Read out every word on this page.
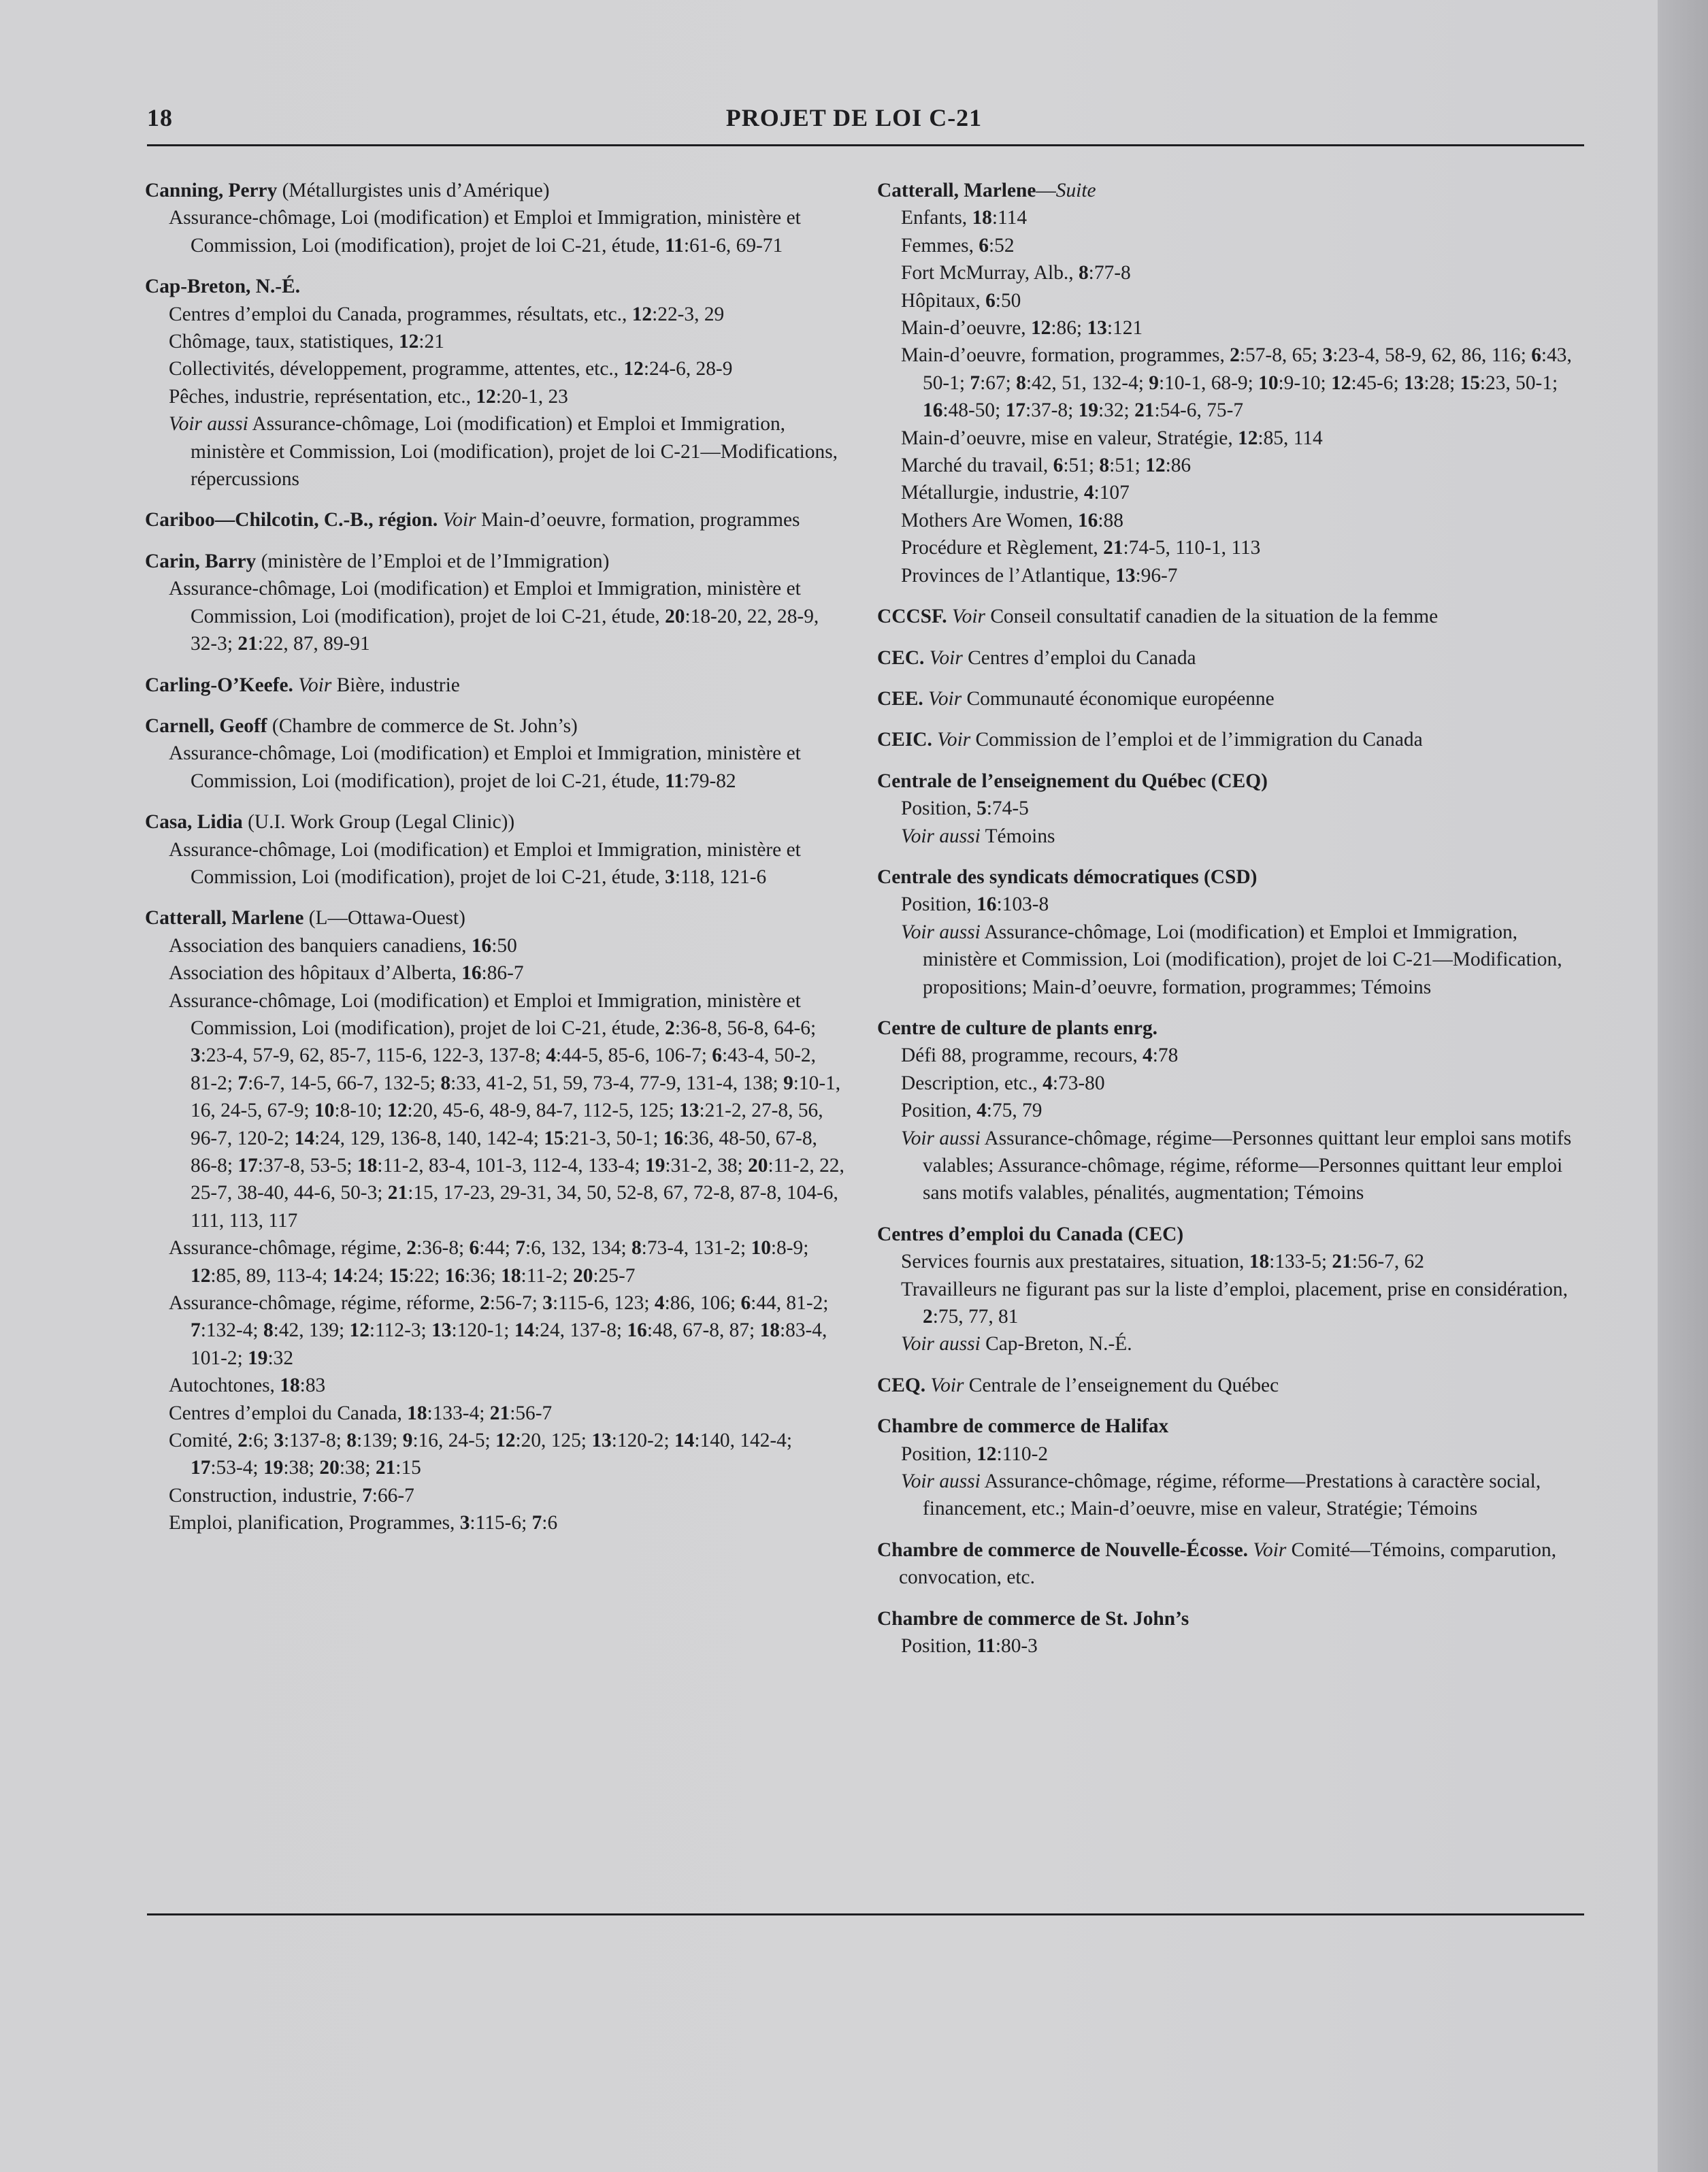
18	PROJET DE LOI C-21
Canning, Perry (Métallurgistes unis d’Amérique)
Assurance-chômage, Loi (modification) et Emploi et Immigration, ministère et Commission, Loi (modification), projet de loi C-21, étude, 11:61-6, 69-71
Cap-Breton, N.-É.
Centres d’emploi du Canada, programmes, résultats, etc., 12:22-3, 29
Chômage, taux, statistiques, 12:21
Collectivités, développement, programme, attentes, etc., 12:24-6, 28-9
Pêches, industrie, représentation, etc., 12:20-1, 23
Voir aussi Assurance-chômage, Loi (modification) et Emploi et Immigration, ministère et Commission, Loi (modification), projet de loi C-21—Modifications, répercussions
Cariboo—Chilcotin, C.-B., région. Voir Main-d’oeuvre, formation, programmes
Carin, Barry (ministère de l’Emploi et de l’Immigration)
Assurance-chômage, Loi (modification) et Emploi et Immigration, ministère et Commission, Loi (modification), projet de loi C-21, étude, 20:18-20, 22, 28-9, 32-3; 21:22, 87, 89-91
Carling-O’Keefe. Voir Bière, industrie
Carnell, Geoff (Chambre de commerce de St. John’s)
Assurance-chômage, Loi (modification) et Emploi et Immigration, ministère et Commission, Loi (modification), projet de loi C-21, étude, 11:79-82
Casa, Lidia (U.I. Work Group (Legal Clinic))
Assurance-chômage, Loi (modification) et Emploi et Immigration, ministère et Commission, Loi (modification), projet de loi C-21, étude, 3:118, 121-6
Catterall, Marlene (L—Ottawa-Ouest)
Association des banquiers canadiens, 16:50
Association des hôpitaux d’Alberta, 16:86-7
Assurance-chômage, Loi (modification) et Emploi et Immigration, ministère et Commission, Loi (modification), projet de loi C-21, étude, 2:36-8, 56-8, 64-6; 3:23-4, 57-9, 62, 85-7, 115-6, 122-3, 137-8; 4:44-5, 85-6, 106-7; 6:43-4, 50-2, 81-2; 7:6-7, 14-5, 66-7, 132-5; 8:33, 41-2, 51, 59, 73-4, 77-9, 131-4, 138; 9:10-1, 16, 24-5, 67-9; 10:8-10; 12:20, 45-6, 48-9, 84-7, 112-5, 125; 13:21-2, 27-8, 56, 96-7, 120-2; 14:24, 129, 136-8, 140, 142-4; 15:21-3, 50-1; 16:36, 48-50, 67-8, 86-8; 17:37-8, 53-5; 18:11-2, 83-4, 101-3, 112-4, 133-4; 19:31-2, 38; 20:11-2, 22, 25-7, 38-40, 44-6, 50-3; 21:15, 17-23, 29-31, 34, 50, 52-8, 67, 72-8, 87-8, 104-6, 111, 113, 117
Assurance-chômage, régime, 2:36-8; 6:44; 7:6, 132, 134; 8:73-4, 131-2; 10:8-9; 12:85, 89, 113-4; 14:24; 15:22; 16:36; 18:11-2; 20:25-7
Assurance-chômage, régime, réforme, 2:56-7; 3:115-6, 123; 4:86, 106; 6:44, 81-2; 7:132-4; 8:42, 139; 12:112-3; 13:120-1; 14:24, 137-8; 16:48, 67-8, 87; 18:83-4, 101-2; 19:32
Autochtones, 18:83
Centres d’emploi du Canada, 18:133-4; 21:56-7
Comité, 2:6; 3:137-8; 8:139; 9:16, 24-5; 12:20, 125; 13:120-2; 14:140, 142-4; 17:53-4; 19:38; 20:38; 21:15
Construction, industrie, 7:66-7
Emploi, planification, Programmes, 3:115-6; 7:6
Catterall, Marlene—Suite
Enfants, 18:114
Femmes, 6:52
Fort McMurray, Alb., 8:77-8
Hôpitaux, 6:50
Main-d’oeuvre, 12:86; 13:121
Main-d’oeuvre, formation, programmes, 2:57-8, 65; 3:23-4, 58-9, 62, 86, 116; 6:43, 50-1; 7:67; 8:42, 51, 132-4; 9:10-1, 68-9; 10:9-10; 12:45-6; 13:28; 15:23, 50-1; 16:48-50; 17:37-8; 19:32; 21:54-6, 75-7
Main-d’oeuvre, mise en valeur, Stratégie, 12:85, 114
Marché du travail, 6:51; 8:51; 12:86
Métallurgie, industrie, 4:107
Mothers Are Women, 16:88
Procédure et Règlement, 21:74-5, 110-1, 113
Provinces de l’Atlantique, 13:96-7
CCCSF. Voir Conseil consultatif canadien de la situation de la femme
CEC. Voir Centres d’emploi du Canada
CEE. Voir Communauté économique européenne
CEIC. Voir Commission de l’emploi et de l’immigration du Canada
Centrale de l’enseignement du Québec (CEQ)
Position, 5:74-5
Voir aussi Témoins
Centrale des syndicats démocratiques (CSD)
Position, 16:103-8
Voir aussi Assurance-chômage, Loi (modification) et Emploi et Immigration, ministère et Commission, Loi (modification), projet de loi C-21—Modification, propositions; Main-d’oeuvre, formation, programmes; Témoins
Centre de culture de plants enrg.
Défi 88, programme, recours, 4:78
Description, etc., 4:73-80
Position, 4:75, 79
Voir aussi Assurance-chômage, régime—Personnes quittant leur emploi sans motifs valables; Assurance-chômage, régime, réforme—Personnes quittant leur emploi sans motifs valables, pénalités, augmentation; Témoins
Centres d’emploi du Canada (CEC)
Services fournis aux prestataires, situation, 18:133-5; 21:56-7, 62
Travailleurs ne figurant pas sur la liste d’emploi, placement, prise en considération, 2:75, 77, 81
Voir aussi Cap-Breton, N.-É.
CEQ. Voir Centrale de l’enseignement du Québec
Chambre de commerce de Halifax
Position, 12:110-2
Voir aussi Assurance-chômage, régime, réforme—Prestations à caractère social, financement, etc.; Main-d’oeuvre, mise en valeur, Stratégie; Témoins
Chambre de commerce de Nouvelle-Écosse. Voir Comité—Témoins, comparution, convocation, etc.
Chambre de commerce de St. John’s
Position, 11:80-3
